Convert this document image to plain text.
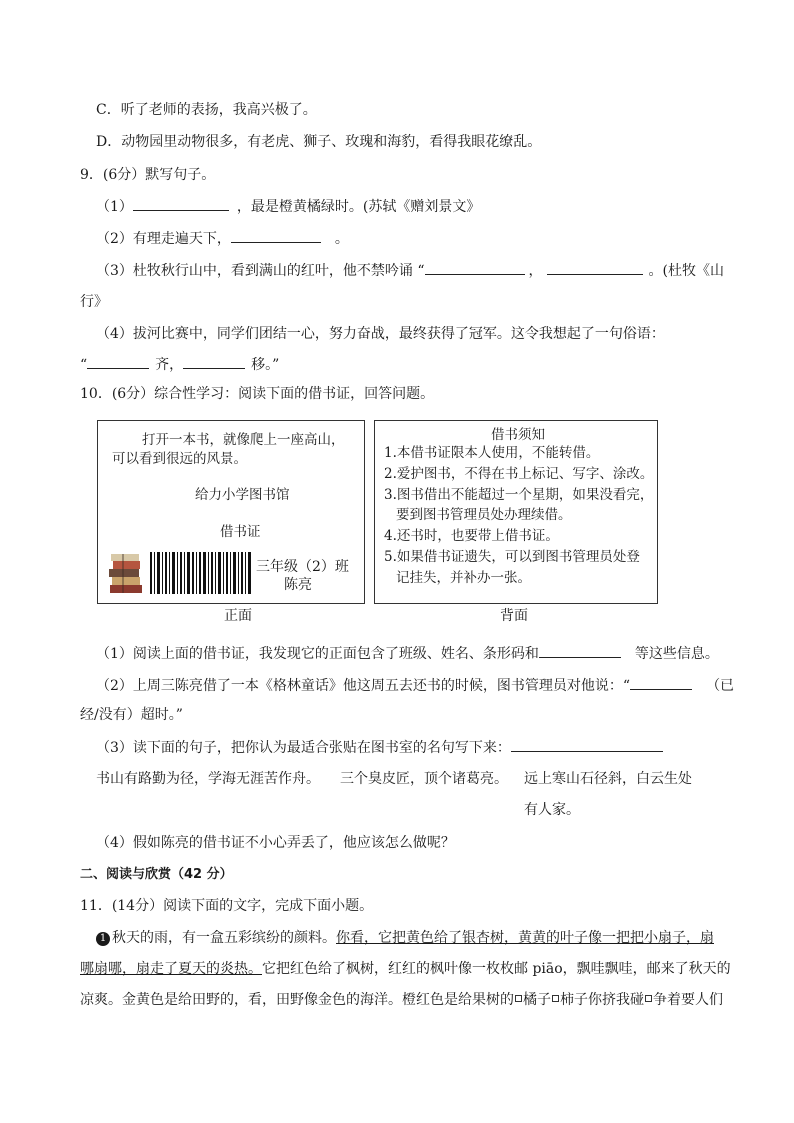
C．听了老师的表扬，我高兴极了。
D．动物园里动物很多，有老虎、狮子、玫瑰和海豹，看得我眼花缭乱。
9．(6分）默写句子。
（1）	，最是橙黄橘绿时。(苏轼《赠刘景文》
（2）有理走遍天下，	。
（3）杜牧秋行山中，看到满山的红叶，他不禁吟诵 “	，	。(杜牧《山
行》
（4）拔河比赛中，同学们团结一心，努力奋战，最终获得了冠军。这令我想起了一句俗语：
“	齐，	移。”
10．(6分）综合性学习：阅读下面的借书证，回答问题。
打开一本书，就像爬上一座高山，
可以看到很远的风景。
给力小学图书馆
借书证
三年级（2）班
陈亮
正面
借书须知
1.本借书证限本人使用，不能转借。
2.爱护图书，不得在书上标记、写字、涂改。
3.图书借出不能超过一个星期，如果没看完，
要到图书管理员处办理续借。
4.还书时，也要带上借书证。
5.如果借书证遗失，可以到图书管理员处登
记挂失，并补办一张。
背面
（1）阅读上面的借书证，我发现它的正面包含了班级、姓名、条形码和	等这些信息。
（2）上周三陈亮借了一本《格林童话》他这周五去还书的时候，图书管理员对他说：“	（已
经/没有）超时。”
（3）读下面的句子，把你认为最适合张贴在图书室的名句写下来：
书山有路勤为径，学海无涯苦作舟。 三个臭皮匠，顶个诸葛亮。 远上寒山石径斜，白云生处
有人家。
（4）假如陈亮的借书证不小心弄丢了，他应该怎么做呢？
二、阅读与欣赏（42 分）
11．(14分）阅读下面的文字，完成下面小题。
1 秋天的雨，有一盒五彩缤纷的颜料。你看，它把黄色给了银杏树，黄黄的叶子像一把把小扇子，扇
哪扇哪，扇走了夏天的炎热。它把红色给了枫树，红红的枫叶像一枚枚邮 piāo，飘哇飘哇，邮来了秋天的
凉爽。金黄色是给田野的，看，田野像金色的海洋。橙红色是给果树的 橘子 柿子你挤我碰 争着要人们
